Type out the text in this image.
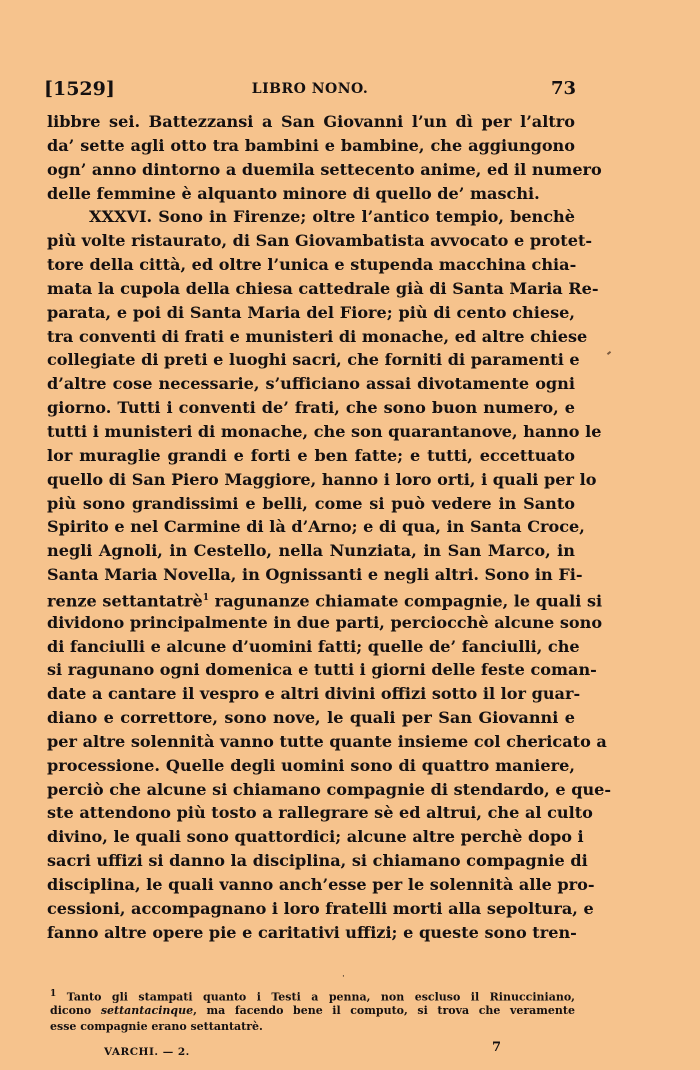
[1529]	LIBRO NONO.	73
libbre sei. Battezzansi a San Giovanni l’un dì per l’altro
da’ sette agli otto tra bambini e bambine, che aggiungono
ogn’ anno dintorno a duemila settecento anime, ed il numero
delle femmine è alquanto minore di quello de’ maschi.
XXXVI. Sono in Firenze; oltre l’antico tempio, benchè
più volte ristaurato, di San Giovambatista avvocato e protet-
tore della città, ed oltre l’unica e stupenda macchina chia-
mata la cupola della chiesa cattedrale già di Santa Maria Re-
parata, e poi di Santa Maria del Fiore; più di cento chiese,
tra conventi di frati e munisteri di monache, ed altre chiese
collegiate di preti e luoghi sacri, che forniti di paramenti e
d’altre cose necessarie, s’ufficiano assai divotamente ogni
giorno. Tutti i conventi de’ frati, che sono buon numero, e
tutti i munisteri di monache, che son quarantanove, hanno le
lor muraglie grandi e forti e ben fatte; e tutti, eccettuato
quello di San Piero Maggiore, hanno i loro orti, i quali per lo
più sono grandissimi e belli, come si può vedere in Santo
Spirito e nel Carmine di là d’Arno; e di qua, in Santa Croce,
negli Agnoli, in Cestello, nella Nunziata, in San Marco, in
Santa Maria Novella, in Ognissanti e negli altri. Sono in Fi-
renze settantatrè$^1$ ragunanze chiamate compagnie, le quali si
dividono principalmente in due parti, perciocchè alcune sono
di fanciulli e alcune d’uomini fatti; quelle de’ fanciulli, che
si ragunano ogni domenica e tutti i giorni delle feste coman-
date a cantare il vespro e altri divini offizi sotto il lor guar-
diano e correttore, sono nove, le quali per San Giovanni e
per altre solennità vanno tutte quante insieme col chericato a
processione. Quelle degli uomini sono di quattro maniere,
perciò che alcune si chiamano compagnie di stendardo, e que-
ste attendono più tosto a rallegrare sè ed altrui, che al culto
divino, le quali sono quattordici; alcune altre perchè dopo i
sacri uffizi si danno la disciplina, si chiamano compagnie di
disciplina, le quali vanno anch’esse per le solennità alle pro-
cessioni, accompagnano i loro fratelli morti alla sepoltura, e
fanno altre opere pie e caritativi uffizi; e queste sono tren-
·
$^1$ Tanto gli stampati quanto i Testi a penna, non escluso il Rinucciniano,
dicono settantacinque, ma facendo bene il computo, si trova che veramente
esse compagnie erano settantatrè.
VARCHI. — 2.	7
